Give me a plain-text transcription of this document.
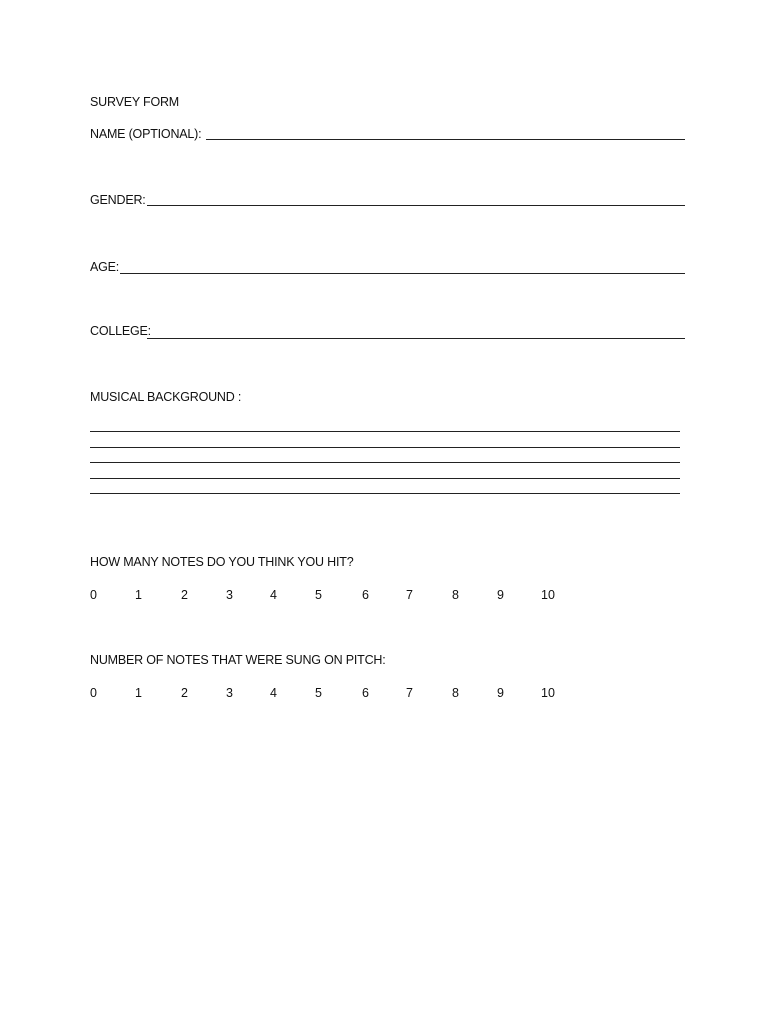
SURVEY FORM
NAME (OPTIONAL):
GENDER:
AGE:
COLLEGE:
MUSICAL BACKGROUND :
HOW MANY NOTES DO YOU THINK YOU HIT?
0	1	2	3	4	5	6	7	8	9	10
NUMBER OF NOTES THAT WERE SUNG ON PITCH:
0	1	2	3	4	5	6	7	8	9	10
